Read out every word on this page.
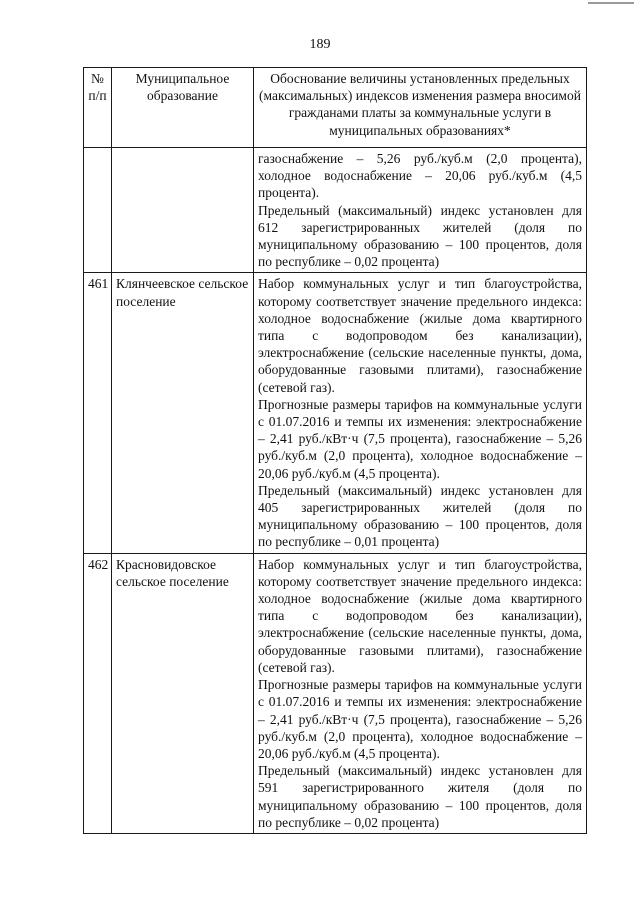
189
№ п/п	Муниципальное образование	Обоснование величины установленных предельных (максимальных) индексов изменения размера вносимой гражданами платы за коммунальные услуги в муниципальных образованиях*

		газоснабжение – 5,26 руб./куб.м (2,0 процента), холодное водоснабжение – 20,06 руб./куб.м (4,5 процента).
Предельный (максимальный) индекс установлен для 612 зарегистрированных жителей (доля по муниципальному образованию – 100 процентов, доля по республике – 0,02 процента)

461	Клянчеевское сельское поселение	Набор коммунальных услуг и тип благоустройства, которому соответствует значение предельного индекса: холодное водоснабжение (жилые дома квартирного типа с водопроводом без канализации), электроснабжение (сельские населенные пункты, дома, оборудованные газовыми плитами), газоснабжение (сетевой газ).
Прогнозные размеры тарифов на коммунальные услуги с 01.07.2016 и темпы их изменения: электроснабжение – 2,41 руб./кВт·ч (7,5 процента), газоснабжение – 5,26 руб./куб.м (2,0 процента), холодное водоснабжение – 20,06 руб./куб.м (4,5 процента).
Предельный (максимальный) индекс установлен для 405 зарегистрированных жителей (доля по муниципальному образованию – 100 процентов, доля по республике – 0,01 процента)

462	Красновидовское сельское поселение	Набор коммунальных услуг и тип благоустройства, которому соответствует значение предельного индекса: холодное водоснабжение (жилые дома квартирного типа с водопроводом без канализации), электроснабжение (сельские населенные пункты, дома, оборудованные газовыми плитами), газоснабжение (сетевой газ).
Прогнозные размеры тарифов на коммунальные услуги с 01.07.2016 и темпы их изменения: электроснабжение – 2,41 руб./кВт·ч (7,5 процента), газоснабжение – 5,26 руб./куб.м (2,0 процента), холодное водоснабжение – 20,06 руб./куб.м (4,5 процента).
Предельный (максимальный) индекс установлен для 591 зарегистрированного жителя (доля по муниципальному образованию – 100 процентов, доля по республике – 0,02 процента)
